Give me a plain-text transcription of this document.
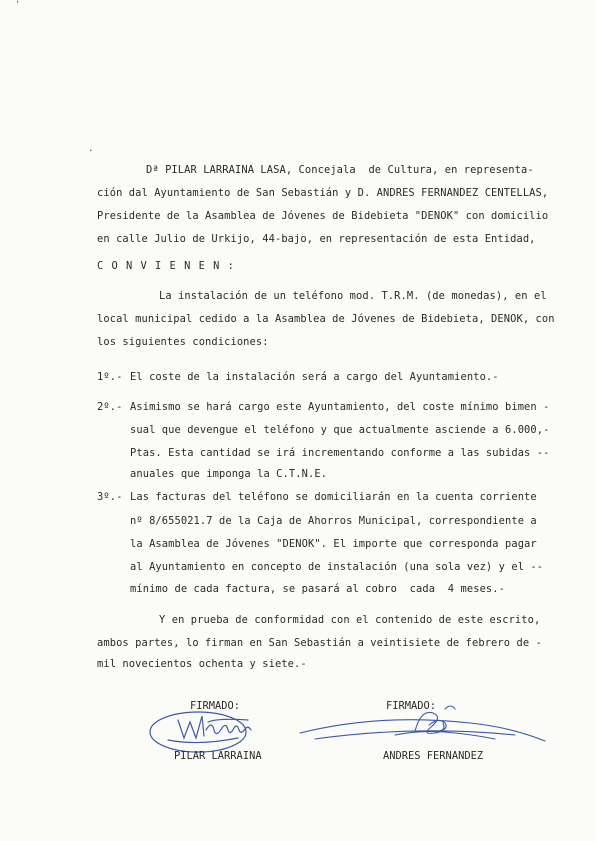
'
.
Dª PILAR LARRAINA LASA, Concejala  de Cultura, en representa-
ción dal Ayuntamiento de San Sebastián y D. ANDRES FERNANDEZ CENTELLAS,
Presidente de la Asamblea de Jóvenes de Bidebieta "DENOK" con domicilio
en calle Julio de Urkijo, 44-bajo, en representación de esta Entidad,
C O N V I E N E N :
La instalación de un teléfono mod. T.R.M. (de monedas), en el
local municipal cedido a la Asamblea de Jóvenes de Bidebieta, DENOK, con
los siguientes condiciones:
1º.- El coste de la instalación será a cargo del Ayuntamiento.-
2º.- Asimismo se hará cargo este Ayuntamiento, del coste mínimo bimen -
sual que devengue el teléfono y que actualmente asciende a 6.000,-
Ptas. Esta cantidad se irá incrementando conforme a las subidas --
anuales que imponga la C.T.N.E.
3º.- Las facturas del teléfono se domiciliarán en la cuenta corriente
nº 8/655021.7 de la Caja de Ahorros Municipal, correspondiente a
la Asamblea de Jóvenes "DENOK". El importe que corresponda pagar
al Ayuntamiento en concepto de instalación (una sola vez) y el --
mínimo de cada factura, se pasará al cobro  cada  4 meses.-
Y en prueba de conformidad con el contenido de este escrito,
ambos partes, lo firman en San Sebastián a veintisiete de febrero de -
mil novecientos ochenta y siete.-
FIRMADO:	FIRMADO:
PILAR LARRAINA	ANDRES FERNANDEZ
